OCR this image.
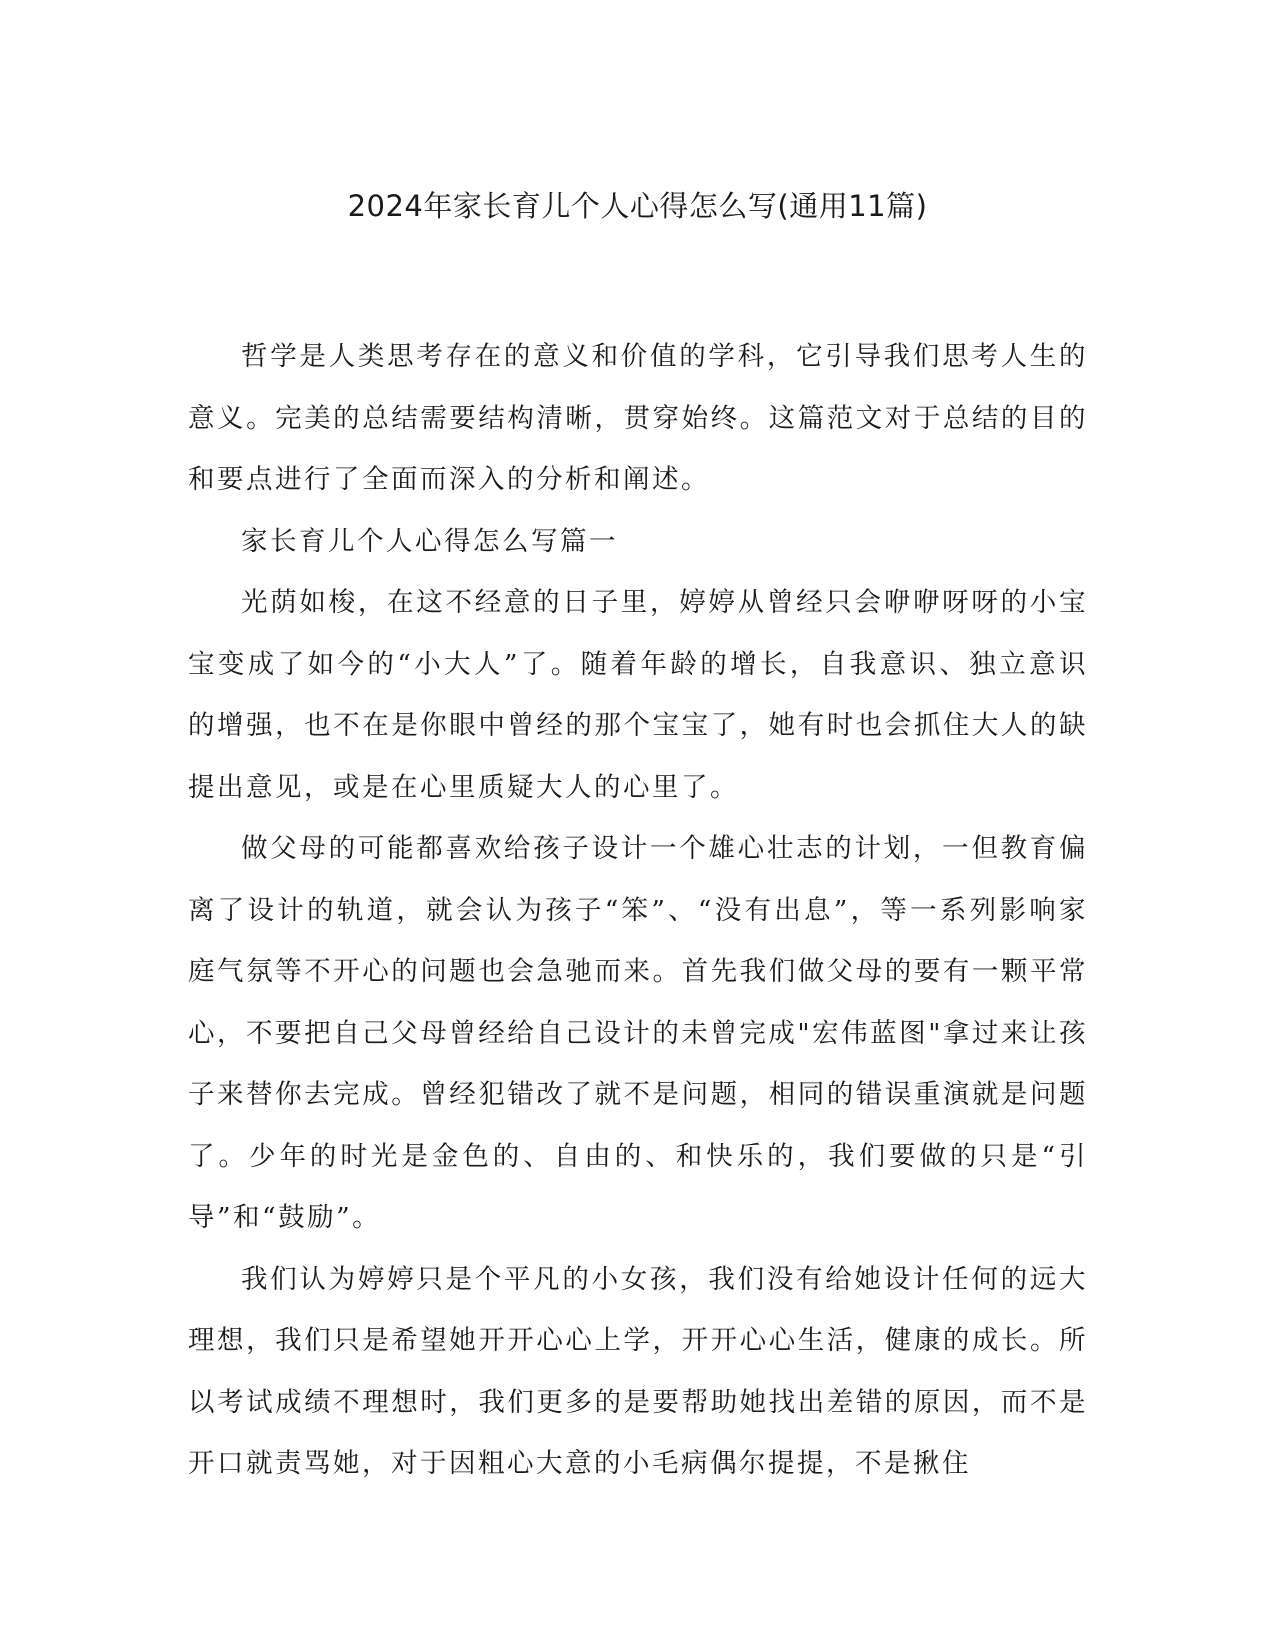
2024年家长育儿个人心得怎么写(通用11篇)

哲学是人类思考存在的意义和价值的学科，它引导我们思考人生的意义。完美的总结需要结构清晰，贯穿始终。这篇范文对于总结的目的和要点进行了全面而深入的分析和阐述。

家长育儿个人心得怎么写篇一

光荫如梭，在这不经意的日子里，婷婷从曾经只会咿咿呀呀的小宝宝变成了如今的“小大人”了。随着年龄的增长，自我意识、独立意识的增强，也不在是你眼中曾经的那个宝宝了，她有时也会抓住大人的缺提出意见，或是在心里质疑大人的心里了。

做父母的可能都喜欢给孩子设计一个雄心壮志的计划，一但教育偏离了设计的轨道，就会认为孩子“笨”、“没有出息”，等一系列影响家庭气氛等不开心的问题也会急驰而来。首先我们做父母的要有一颗平常心，不要把自己父母曾经给自己设计的未曾完成"宏伟蓝图"拿过来让孩子来替你去完成。曾经犯错改了就不是问题，相同的错误重演就是问题了。少年的时光是金色的、自由的、和快乐的，我们要做的只是“引导”和“鼓励”。

我们认为婷婷只是个平凡的小女孩，我们没有给她设计任何的远大理想，我们只是希望她开开心心上学，开开心心生活，健康的成长。所以考试成绩不理想时，我们更多的是要帮助她找出差错的原因，而不是开口就责骂她，对于因粗心大意的小毛病偶尔提提，不是揪住
